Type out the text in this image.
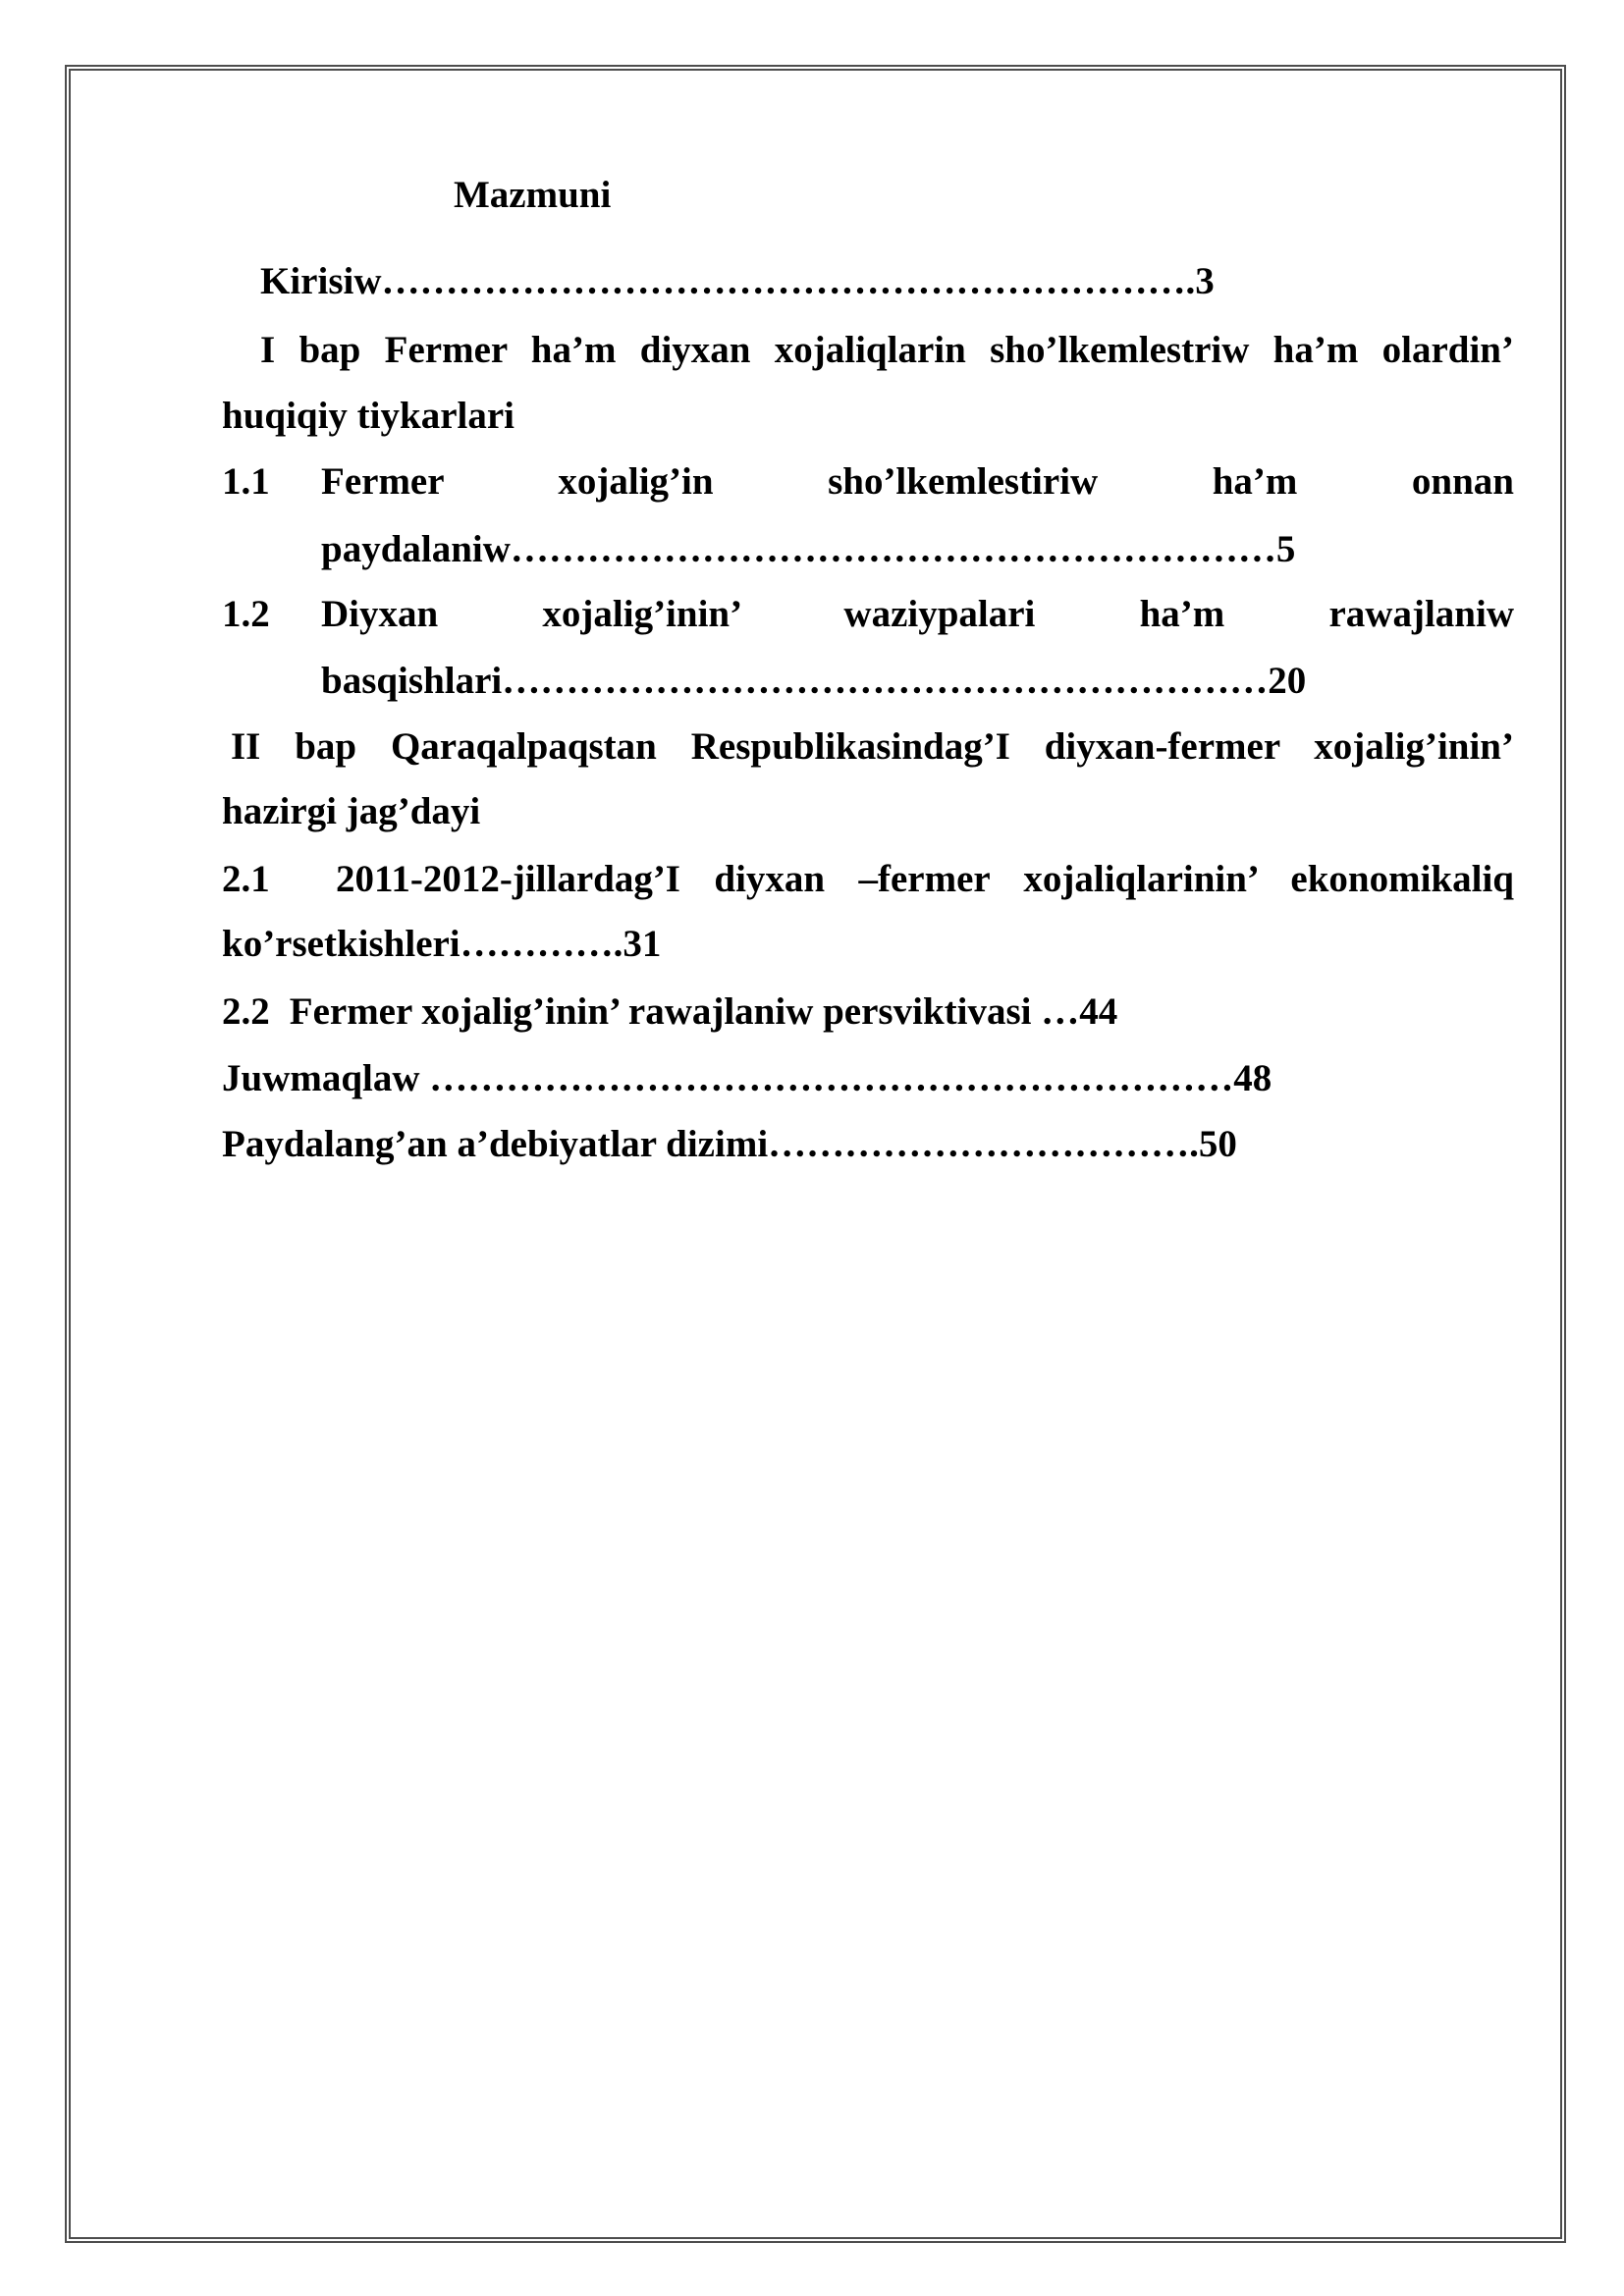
Mazmuni
Kirisiw……………………………………………………….3
I bap Fermer ha’m diyxan xojaliqlarin sho’lkemlestriw ha’m olardin’
huqiqiy tiykarlari
1.1 Fermer xojalig’in sho’lkemlestiriw ha’m onnan
paydalaniw……………………………………………………5
1.2 Diyxan xojalig’inin’ waziypalari ha’m rawajlaniw
basqishlari……………………………………………………20
II bap Qaraqalpaqstan Respublikasindag’I diyxan-fermer xojalig’inin’
hazirgi jag’dayi
2.1 2011-2012-jillardag’I diyxan –fermer xojaliqlarinin’ ekonomikaliq
ko’rsetkishleri………….31
2.2 Fermer xojalig’inin’ rawajlaniw persviktivasi …44
Juwmaqlaw ………………………………………………………48
Paydalang’an a’debiyatlar dizimi…………………………….50
